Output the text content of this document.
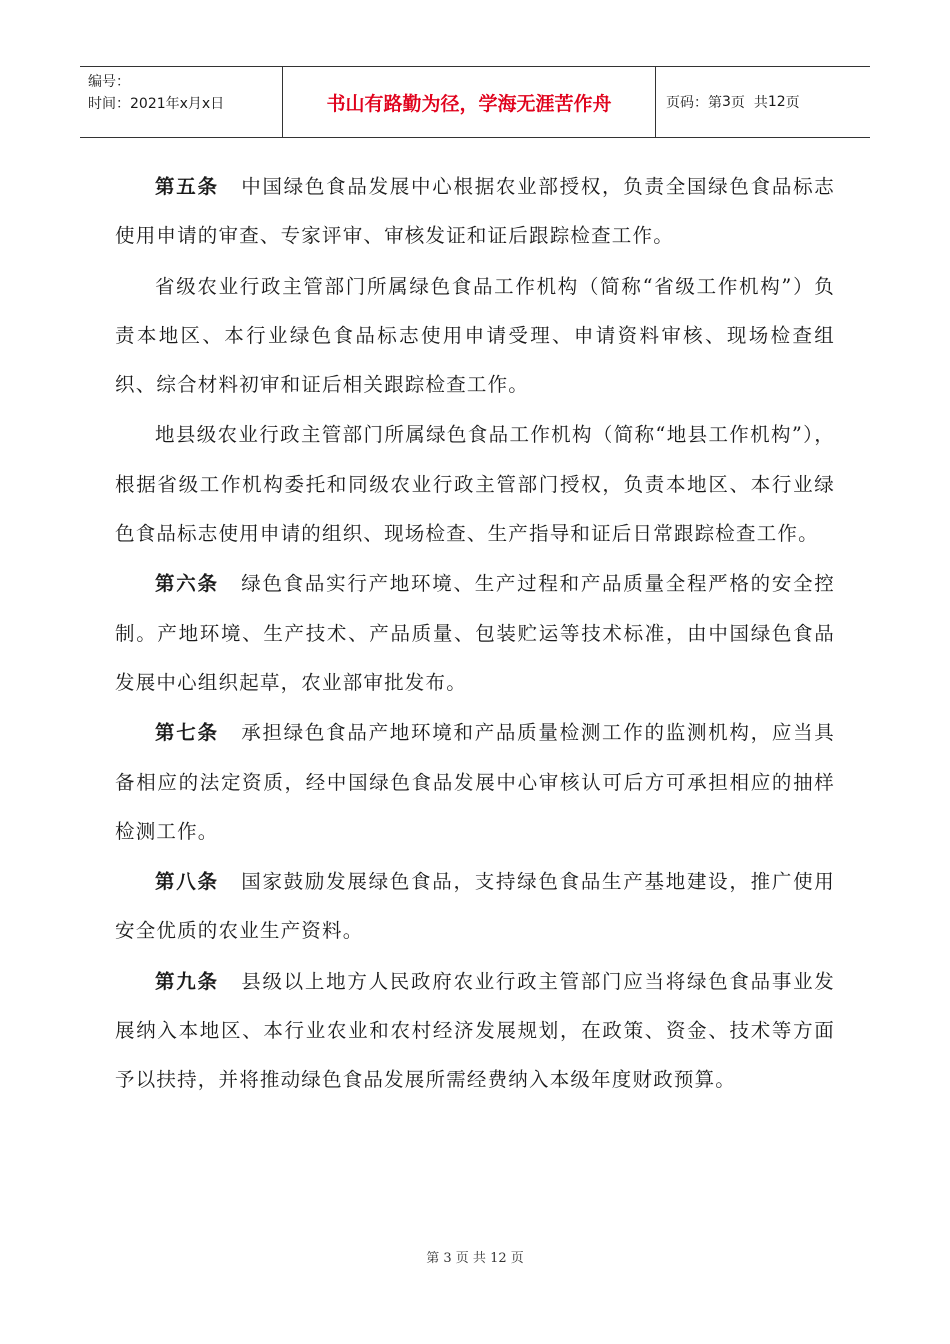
编号：
时间：2021年x月x日	书山有路勤为径，学海无涯苦作舟	页码：第 3 页  共 12 页

第五条 中国绿色食品发展中心根据农业部授权，负责全国绿色食品标志使用申请的审查、专家评审、审核发证和证后跟踪检查工作。

省级农业行政主管部门所属绿色食品工作机构（简称“省级工作机构”）负责本地区、本行业绿色食品标志使用申请受理、申请资料审核、现场检查组织、综合材料初审和证后相关跟踪检查工作。

地县级农业行政主管部门所属绿色食品工作机构（简称“地县工作机构”），根据省级工作机构委托和同级农业行政主管部门授权，负责本地区、本行业绿色食品标志使用申请的组织、现场检查、生产指导和证后日常跟踪检查工作。

第六条 绿色食品实行产地环境、生产过程和产品质量全程严格的安全控制。产地环境、生产技术、产品质量、包装贮运等技术标准，由中国绿色食品发展中心组织起草，农业部审批发布。

第七条 承担绿色食品产地环境和产品质量检测工作的监测机构，应当具备相应的法定资质，经中国绿色食品发展中心审核认可后方可承担相应的抽样检测工作。

第八条 国家鼓励发展绿色食品，支持绿色食品生产基地建设，推广使用安全优质的农业生产资料。

第九条 县级以上地方人民政府农业行政主管部门应当将绿色食品事业发展纳入本地区、本行业农业和农村经济发展规划，在政策、资金、技术等方面予以扶持，并将推动绿色食品发展所需经费纳入本级年度财政预算。

第 3 页 共 12 页
